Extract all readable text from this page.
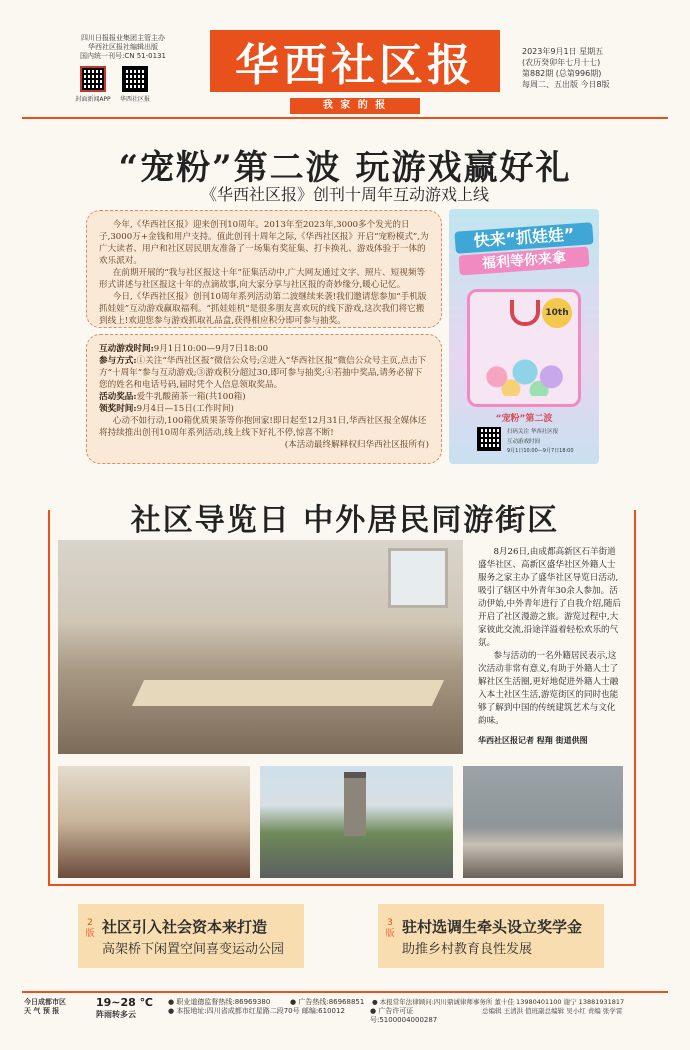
四川日报报业集团主管主办
华西社区报社编辑出版
国内统一刊号:CN 51-0131
封面新闻APP	华西社区报
华西社区报
我 家 的 报
2023年9月1日 星期五
(农历癸卯年七月十七)
第882期 (总第996期)
每周二、五出版 今日8版
“宠粉”第二波 玩游戏赢好礼
《华西社区报》创刊十周年互动游戏上线

今年,《华西社区报》迎来创刊10周年。2013年至2023年,3000多个发光的日子,3000万+金钱和用户支持。值此创刊十周年之际,《华西社区报》开启“宠粉模式”,为广大读者、用户和社区居民朋友准备了一场集有奖征集、打卡换礼、游戏体验于一体的欢乐派对。

在前期开展的“我与社区报这十年”征集活动中,广大网友通过文字、照片、短视频等形式讲述与社区报这十年的点滴故事,向大家分享与社区报的奇妙缘分,暖心记忆。

今日,《华西社区报》创刊10周年系列活动第二波继续来袭!我们邀请您参加“手机版抓娃娃”互动游戏赢取福利。“抓娃娃机”是很多朋友喜欢玩的线下游戏,这次我们将它搬到线上!欢迎您参与游戏抓取礼品盒,获得相应积分即可参与抽奖。

互动游戏时间:9月1日10:00—9月7日18:00
参与方式:①关注“华西社区报”微信公众号;②进入“华西社区报”微信公众号主页,点击下方“十周年”参与互动游戏;③游戏积分超过30,即可参与抽奖;④若抽中奖品,请务必留下您的姓名和电话号码,届时凭个人信息领取奖品。
活动奖品:爱牛乳酸菌茶一箱(共100箱)
领奖时间:9月4日—15日(工作时间)

心动不如行动,100箱优质果茶等你抱回家!即日起至12月31日,华西社区报全媒体还将持续推出创刊10周年系列活动,线上线下好礼不停,惊喜不断!

(本活动最终解释权归华西社区报所有)
快来“抓娃娃”
福利等你来拿
10th
“宠粉”第二波
扫码关注 华西社区报
互动游戏时间
9月1日10:00—9月7日18:00
社区导览日 中外居民同游街区

8月26日,由成都高新区石羊街道盛华社区、高新区盛华社区外籍人士服务之家主办了盛华社区导览日活动,吸引了辖区中外青年30余人参加。活动伊始,中外青年进行了自我介绍,随后开启了社区漫游之旅。游览过程中,大家彼此交流,沿途洋溢着轻松欢乐的气氛。

参与活动的一名外籍居民表示,这次活动非常有意义,有助于外籍人士了解社区生活圈,更好地促进外籍人士融入本土社区生活,游览街区的同时也能够了解到中国的传统建筑艺术与文化韵味。

华西社区报记者 程翔 街道供图
2版 社区引入社会资本来打造
高架桥下闲置空间喜变运动公园
3版 驻村选调生牵头设立奖学金
助推乡村教育良性发展
今日成都市区
天 气 预 报
19~28 ℃
阵雨转多云
● 职业道德监督热线:86969380
● 本报地址:四川省成都市红星路二段70号 邮编:610012
● 广告热线:86968851
● 广告许可证号:5100004000287
● 本报常年法律顾问:四川鼎诚律师事务所 董十佳 13980401100 谢宁 13881931817
总编辑 王清洪 值班副总编辑 吴小红 责编 张学雷
